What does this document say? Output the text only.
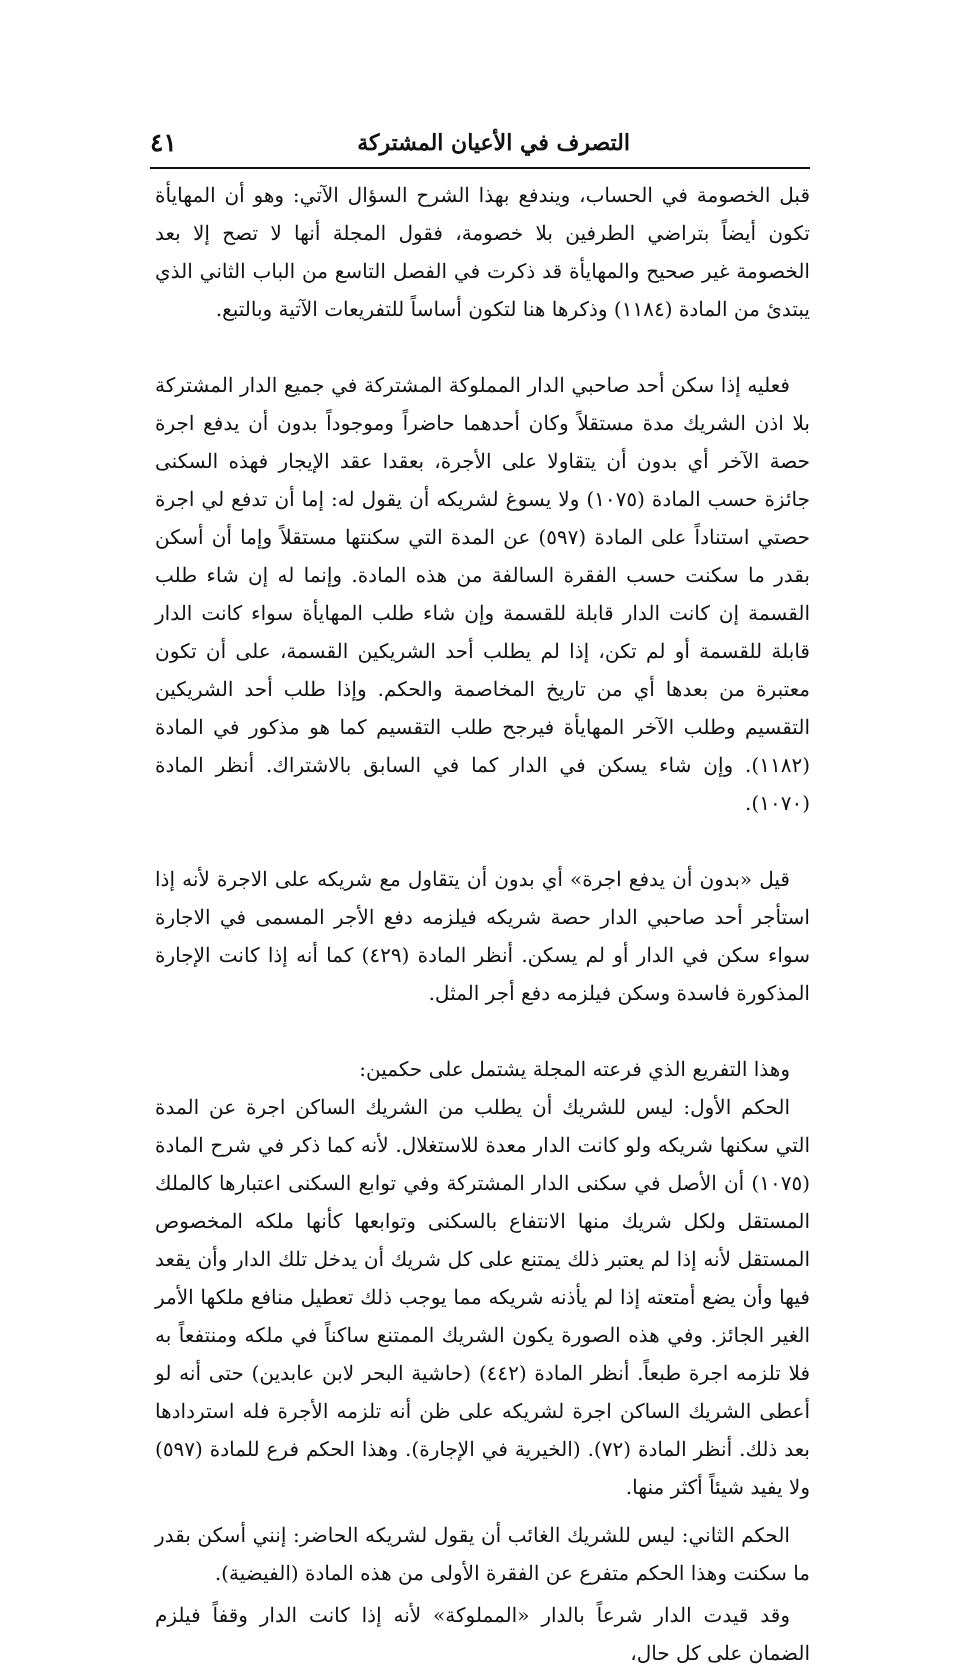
التصرف في الأعيان المشتركة
٤١

قبل الخصومة في الحساب، ويندفع بهذا الشرح السؤال الآتي: وهو أن المهايأة تكون أيضاً بتراضي الطرفين بلا خصومة، فقول المجلة أنها لا تصح إلا بعد الخصومة غير صحيح والمهايأة قد ذكرت في الفصل التاسع من الباب الثاني الذي يبتدئ من المادة (١١٨٤) وذكرها هنا لتكون أساساً للتفريعات الآتية وبالتبع.

فعليه إذا سكن أحد صاحبي الدار المملوكة المشتركة في جميع الدار المشتركة بلا اذن الشريك مدة مستقلاً وكان أحدهما حاضراً وموجوداً بدون أن يدفع اجرة حصة الآخر أي بدون أن يتقاولا على الأجرة، بعقدا عقد الإيجار فهذه السكنى جائزة حسب المادة (١٠٧٥) ولا يسوغ لشريكه أن يقول له: إما أن تدفع لي اجرة حصتي استناداً على المادة (٥٩٧) عن المدة التي سكنتها مستقلاً وإما أن أسكن بقدر ما سكنت حسب الفقرة السالفة من هذه المادة. وإنما له إن شاء طلب القسمة إن كانت الدار قابلة للقسمة وإن شاء طلب المهايأة سواء كانت الدار قابلة للقسمة أو لم تكن، إذا لم يطلب أحد الشريكين القسمة، على أن تكون معتبرة من بعدها أي من تاريخ المخاصمة والحكم. وإذا طلب أحد الشريكين التقسيم وطلب الآخر المهايأة فيرجح طلب التقسيم كما هو مذكور في المادة (١١٨٢). وإن شاء يسكن في الدار كما في السابق بالاشتراك. أنظر المادة (١٠٧٠).

قيل «بدون أن يدفع اجرة» أي بدون أن يتقاول مع شريكه على الاجرة لأنه إذا استأجر أحد صاحبي الدار حصة شريكه فيلزمه دفع الأجر المسمى في الاجارة سواء سكن في الدار أو لم يسكن. أنظر المادة (٤٢٩) كما أنه إذا كانت الإجارة المذكورة فاسدة وسكن فيلزمه دفع أجر المثل.

وهذا التفريع الذي فرعته المجلة يشتمل على حكمين:

الحكم الأول: ليس للشريك أن يطلب من الشريك الساكن اجرة عن المدة التي سكنها شريكه ولو كانت الدار معدة للاستغلال. لأنه كما ذكر في شرح المادة (١٠٧٥) أن الأصل في سكنى الدار المشتركة وفي توابع السكنى اعتبارها كالملك المستقل ولكل شريك منها الانتفاع بالسكنى وتوابعها كأنها ملكه المخصوص المستقل لأنه إذا لم يعتبر ذلك يمتنع على كل شريك أن يدخل تلك الدار وأن يقعد فيها وأن يضع أمتعته إذا لم يأذنه شريكه مما يوجب ذلك تعطيل منافع ملكها الأمر الغير الجائز. وفي هذه الصورة يكون الشريك الممتنع ساكناً في ملكه ومنتفعاً به فلا تلزمه اجرة طبعاً. أنظر المادة (٤٤٢) (حاشية البحر لابن عابدين) حتى أنه لو أعطى الشريك الساكن اجرة لشريكه على ظن أنه تلزمه الأجرة فله استردادها بعد ذلك. أنظر المادة (٧٢). (الخيرية في الإجارة). وهذا الحكم فرع للمادة (٥٩٧) ولا يفيد شيئاً أكثر منها.

الحكم الثاني: ليس للشريك الغائب أن يقول لشريكه الحاضر: إنني أسكن بقدر ما سكنت وهذا الحكم متفرع عن الفقرة الأولى من هذه المادة (الفيضية).

وقد قيدت الدار شرعاً بالدار «المملوكة» لأنه إذا كانت الدار وقفاً فيلزم الضمان على كل حال،
